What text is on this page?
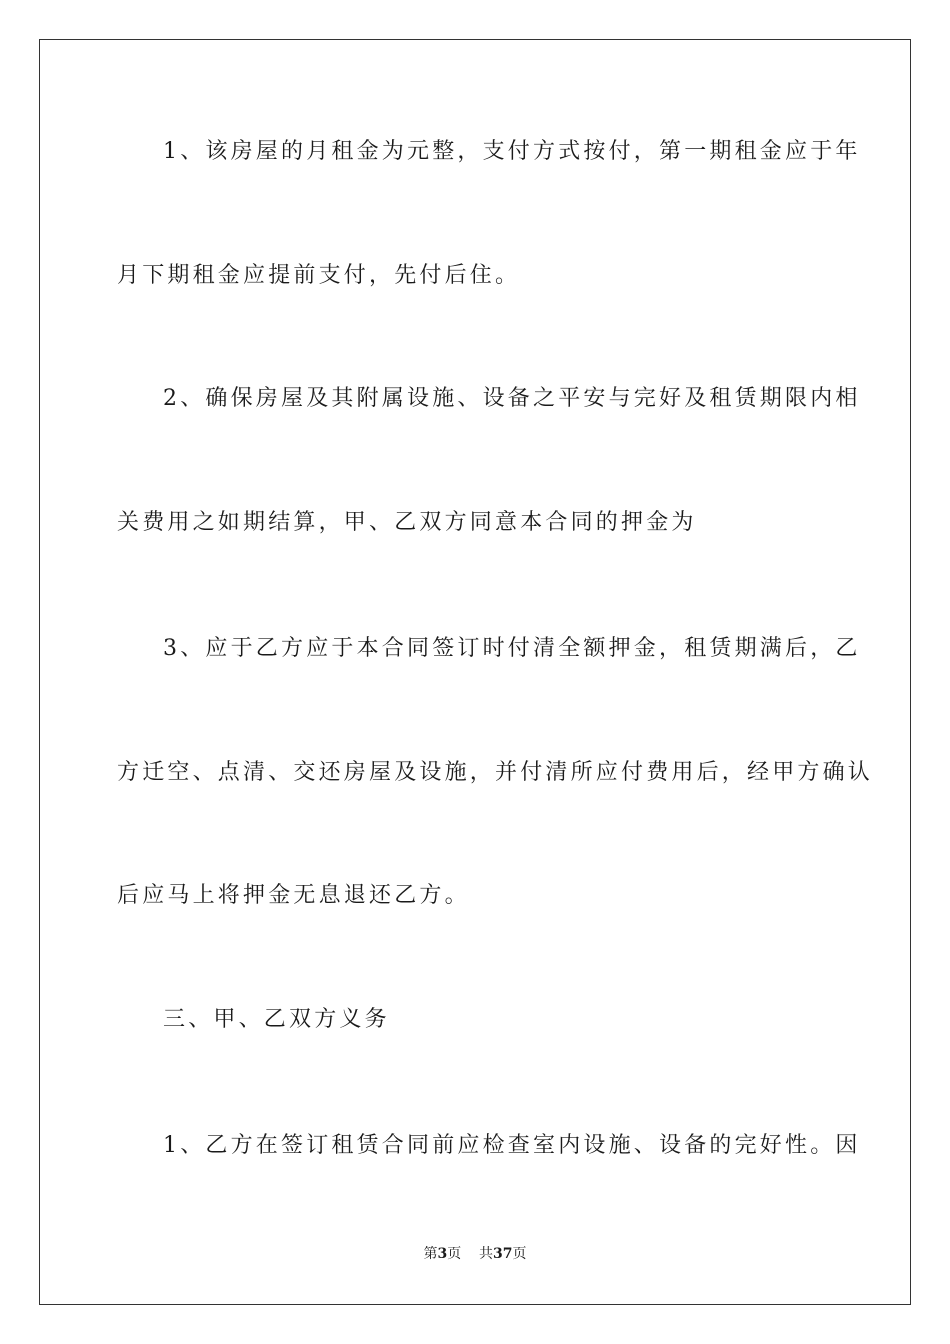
1、该房屋的月租金为元整，支付方式按付，第一期租金应于年
月下期租金应提前支付，先付后住。
2、确保房屋及其附属设施、设备之平安与完好及租赁期限内相
关费用之如期结算，甲、乙双方同意本合同的押金为
3、应于乙方应于本合同签订时付清全额押金，租赁期满后，乙
方迁空、点清、交还房屋及设施，并付清所应付费用后，经甲方确认
后应马上将押金无息退还乙方。
三、甲、乙双方义务
1、乙方在签订租赁合同前应检查室内设施、设备的完好性。因
第3页 共37页
